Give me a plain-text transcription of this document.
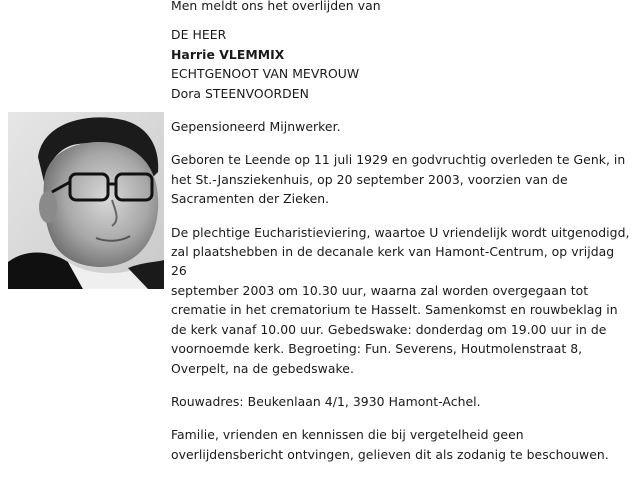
Men meldt ons het overlijden van

DE HEER

Harrie VLEMMIX

ECHTGENOOT VAN MEVROUW

Dora STEENVOORDEN

Gepensioneerd Mijnwerker.

Geboren te Leende op 11 juli 1929 en godvruchtig overleden te Genk, in

het St.-Jansziekenhuis, op 20 september 2003, voorzien van de

Sacramenten der Zieken.

De plechtige Eucharistieviering, waartoe U vriendelijk wordt uitgenodigd,

zal plaatshebben in de decanale kerk van Hamont-Centrum, op vrijdag 26

september 2003 om 10.30 uur, waarna zal worden overgegaan tot

crematie in het crematorium te Hasselt. Samenkomst en rouwbeklag in

de kerk vanaf 10.00 uur. Gebedswake: donderdag om 19.00 uur in de

voornoemde kerk. Begroeting: Fun. Severens, Houtmolenstraat 8,

Overpelt, na de gebedswake.

Rouwadres: Beukenlaan 4/1, 3930 Hamont-Achel.

Familie, vrienden en kennissen die bij vergetelheid geen

overlijdensbericht ontvingen, gelieven dit als zodanig te beschouwen.
